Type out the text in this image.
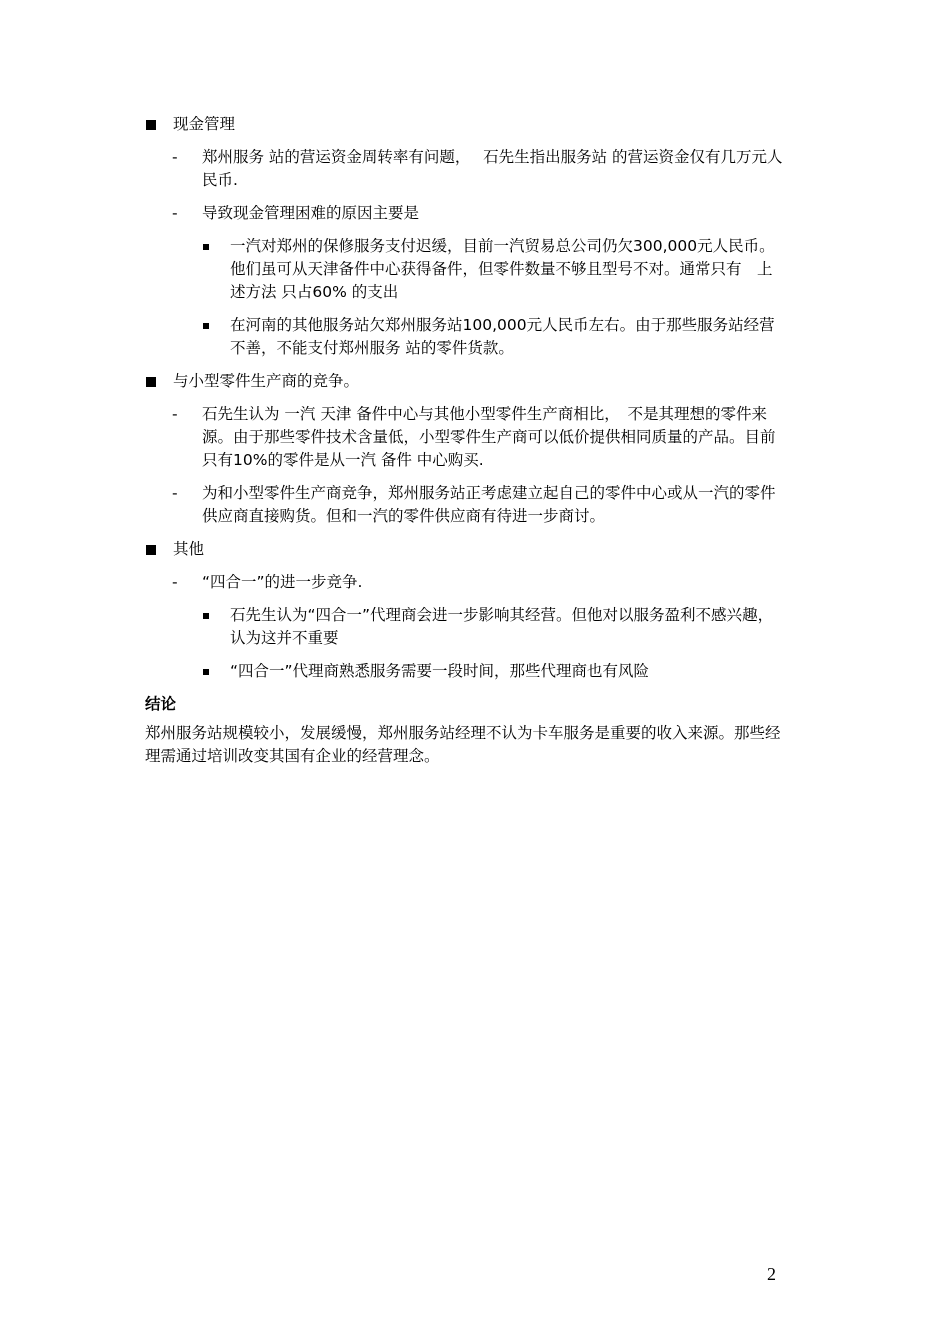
现金管理
- 郑州服务 站的营运资金周转率有问题，　 石先生指出服务站 的营运资金仅有几万元人民币.
- 导致现金管理困难的原因主要是
一汽对郑州的保修服务支付迟缓，目前一汽贸易总公司仍欠300,000元人民币。他们虽可从天津备件中心获得备件，但零件数量不够且型号不对。通常只有　上述方法 只占60% 的支出
在河南的其他服务站欠郑州服务站100,000元人民币左右。由于那些服务站经营不善，不能支付郑州服务 站的零件货款。
与小型零件生产商的竞争。
- 石先生认为 一汽 天津 备件中心与其他小型零件生产商相比，　不是其理想的零件来源。由于那些零件技术含量低，小型零件生产商可以低价提供相同质量的产品。目前只有10%的零件是从一汽 备件 中心购买.
- 为和小型零件生产商竞争，郑州服务站正考虑建立起自己的零件中心或从一汽的零件供应商直接购货。但和一汽的零件供应商有待进一步商讨。
其他
- “四合一”的进一步竞争.
石先生认为“四合一”代理商会进一步影响其经营。但他对以服务盈利不感兴趣，认为这并不重要
“四合一”代理商熟悉服务需要一段时间，那些代理商也有风险
结论

郑州服务站规模较小，发展缓慢，郑州服务站经理不认为卡车服务是重要的收入来源。那些经理需通过培训改变其国有企业的经营理念。

2
